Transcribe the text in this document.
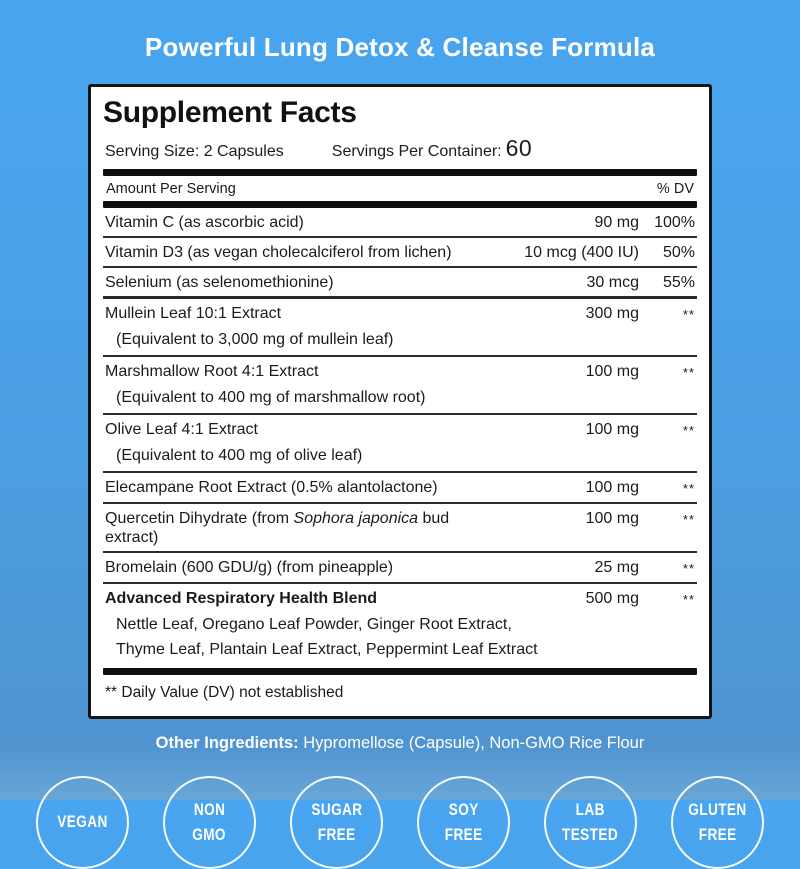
Powerful Lung Detox & Cleanse Formula
Supplement Facts
Serving Size: 2 Capsules	Servings Per Container: 60
Amount Per Serving	% DV
Vitamin C (as ascorbic acid)	90 mg 100%
Vitamin D3 (as vegan cholecalciferol from lichen)	10 mcg (400 IU)	50%
Selenium (as selenomethionine)	30 mcg	55%
Mullein Leaf 10:1 Extract	300 mg	**
(Equivalent to 3,000 mg of mullein leaf)
Marshmallow Root 4:1 Extract	100 mg	**
(Equivalent to 400 mg of marshmallow root)
Olive Leaf 4:1 Extract	100 mg	**
(Equivalent to 400 mg of olive leaf)
Elecampane Root Extract (0.5% alantolactone)	100 mg	**
Quercetin Dihydrate (from Sophora japonica bud extract)
100 mg	**
Bromelain (600 GDU/g) (from pineapple)	25 mg	**
Advanced Respiratory Health Blend	500 mg	**
Nettle Leaf, Oregano Leaf Powder, Ginger Root Extract,
Thyme Leaf, Plantain Leaf Extract, Peppermint Leaf Extract
** Daily Value (DV) not established
Other Ingredients: Hypromellose (Capsule), Non-GMO Rice Flour
VEGAN
NON
GMO
SUGAR
FREE
SOY
FREE
LAB
TESTED
GLUTEN
FREE
